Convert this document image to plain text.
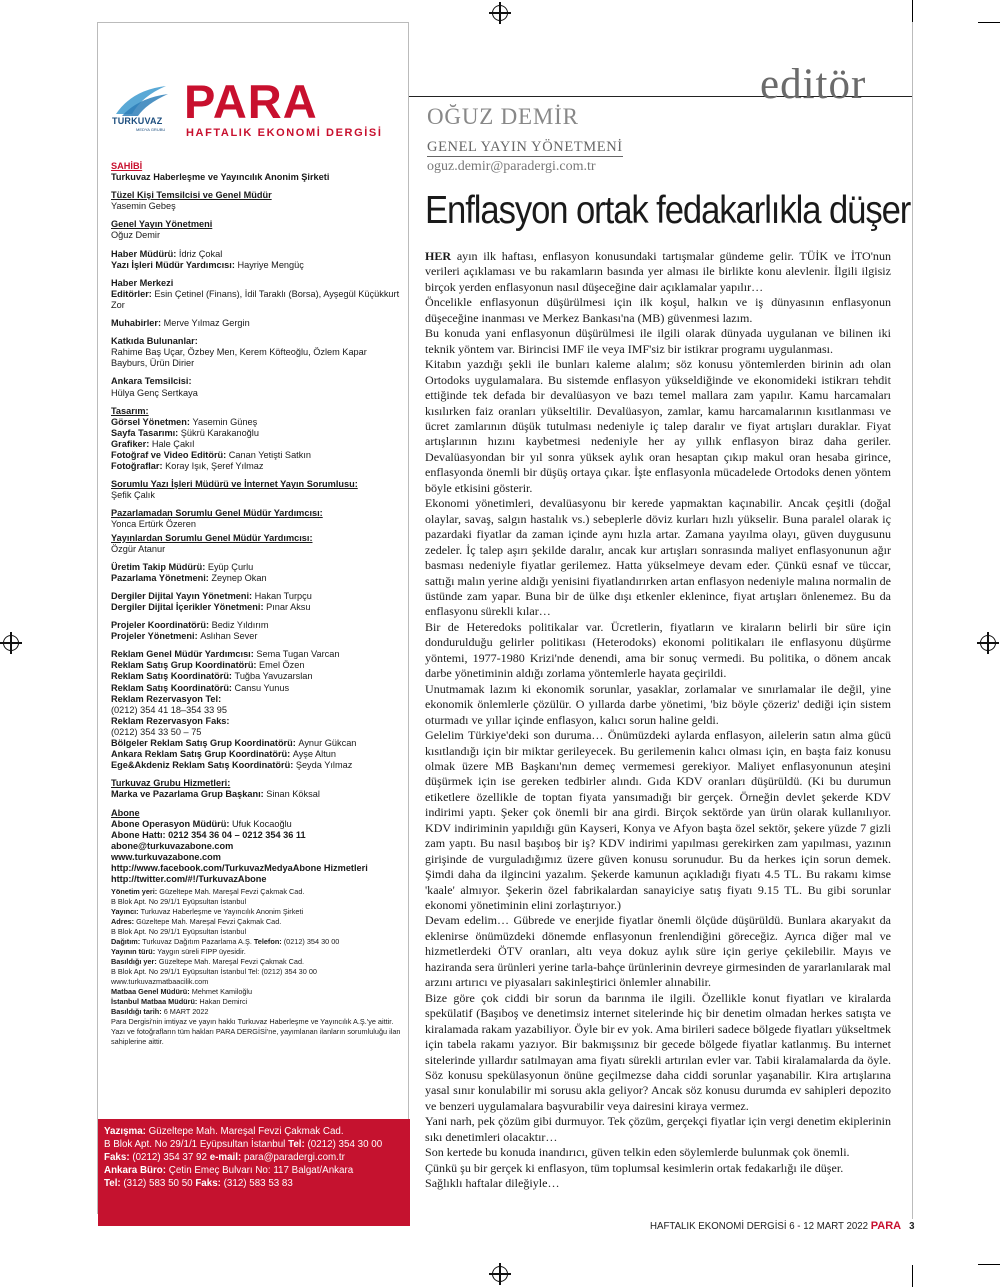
TURKUVAZ
MEDYA GRUBU
PARA
HAFTALIK EKONOMİ DERGİSİ
SAHİBİ
Turkuvaz Haberleşme ve Yayıncılık Anonim Şirketi
Tüzel Kişi Temsilcisi ve Genel Müdür
Yasemin Gebeş
Genel Yayın Yönetmeni
Oğuz Demir
Haber Müdürü: İdriz Çokal
Yazı İşleri Müdür Yardımcısı: Hayriye Mengüç
Haber Merkezi
Editörler: Esin Çetinel (Finans), İdil Taraklı (Borsa), Ayşegül Küçükkurt Zor
Muhabirler: Merve Yılmaz Gergin
Katkıda Bulunanlar:
Rahime Baş Uçar, Özbey Men, Kerem Köfteoğlu, Özlem Kapar Bayburs, Ürün Dirier
Ankara Temsilcisi:
Hülya Genç Sertkaya
Tasarım:
Görsel Yönetmen: Yasemin Güneş
Sayfa Tasarımı: Şükrü Karakanoğlu
Grafiker: Hale Çakıl
Fotoğraf ve Video Editörü: Canan Yetişti Satkın
Fotoğraflar: Koray Işık, Şeref Yılmaz
Sorumlu Yazı İşleri Müdürü ve İnternet Yayın Sorumlusu:
Şefik Çalık
Pazarlamadan Sorumlu Genel Müdür Yardımcısı:
Yonca Ertürk Özeren
Yayınlardan Sorumlu Genel Müdür Yardımcısı:
Özgür Atanur
Üretim Takip Müdürü: Eyüp Çurlu
Pazarlama Yönetmeni: Zeynep Okan
Dergiler Dijital Yayın Yönetmeni: Hakan Turpçu
Dergiler Dijital İçerikler Yönetmeni: Pınar Aksu
Projeler Koordinatörü: Bediz Yıldırım
Projeler Yönetmeni: Aslıhan Sever
Reklam Genel Müdür Yardımcısı: Sema Tugan Varcan
Reklam Satış Grup Koordinatörü: Emel Özen
Reklam Satış Koordinatörü: Tuğba Yavuzarslan
Reklam Satış Koordinatörü: Cansu Yunus
Reklam Rezervasyon Tel:
(0212) 354 41 18–354 33 95
Reklam Rezervasyon Faks:
(0212) 354 33 50 – 75
Bölgeler Reklam Satış Grup Koordinatörü: Aynur Gükcan
Ankara Reklam Satış Grup Koordinatörü: Ayşe Altun
Ege&Akdeniz Reklam Satış Koordinatörü: Şeyda Yılmaz
Turkuvaz Grubu Hizmetleri:
Marka ve Pazarlama Grup Başkanı: Sinan Köksal
Abone
Abone Operasyon Müdürü: Ufuk Kocaoğlu
Abone Hattı: 0212 354 36 04 – 0212 354 36 11
abone@turkuvazabone.com
www.turkuvazabone.com
http://www.facebook.com/TurkuvazMedyaAbone Hizmetleri
http://twitter.com/#!/TurkuvazAbone
Yönetim yeri: Güzeltepe Mah. Mareşal Fevzi Çakmak Cad.
B Blok Apt. No 29/1/1 Eyüpsultan İstanbul
Yayıncı: Turkuvaz Haberleşme ve Yayıncılık Anonim Şirketi
Adres: Güzeltepe Mah. Mareşal Fevzi Çakmak Cad.
B Blok Apt. No 29/1/1 Eyüpsultan İstanbul
Dağıtım: Turkuvaz Dağıtım Pazarlama A.Ş. Telefon: (0212) 354 30 00
Yayının türü: Yaygın süreli FIPP üyesidir.
Basıldığı yer: Güzeltepe Mah. Mareşal Fevzi Çakmak Cad.
B Blok Apt. No 29/1/1 Eyüpsultan İstanbul Tel: (0212) 354 30 00
www.turkuvazmatbaacilik.com
Matbaa Genel Müdürü: Mehmet Kamiloğlu
İstanbul Matbaa Müdürü: Hakan Demirci
Basıldığı tarih: 6 MART 2022
Para Dergisi'nin imtiyaz ve yayın hakkı Turkuvaz Haberleşme ve Yayıncılık A.Ş.'ye aittir. Yazı ve fotoğrafların tüm hakları PARA DERGİSİ'ne, yayımlanan ilanların sorumluluğu ilan sahiplerine aittir.
Yazışma: Güzeltepe Mah. Mareşal Fevzi Çakmak Cad.
B Blok Apt. No 29/1/1 Eyüpsultan İstanbul Tel: (0212) 354 30 00
Faks: (0212) 354 37 92 e-mail: para@paradergi.com.tr
Ankara Büro: Çetin Emeç Bulvarı No: 117 Balgat/Ankara
Tel: (312) 583 50 50 Faks: (312) 583 53 83
editör
OĞUZ DEMİR
GENEL YAYIN YÖNETMENİ
oguz.demir@paradergi.com.tr
Enflasyon ortak fedakarlıkla düşer

HER ayın ilk haftası, enflasyon konusundaki tartışmalar gündeme gelir. TÜİK ve İTO'nun verileri açıklaması ve bu rakamların basında yer alması ile birlikte konu alevlenir. İlgili ilgisiz birçok yerden enflasyonun nasıl düşeceğine dair açıklamalar yapılır…

Öncelikle enflasyonun düşürülmesi için ilk koşul, halkın ve iş dünyasının enflasyonun düşeceğine inanması ve Merkez Bankası'na (MB) güvenmesi lazım.

Bu konuda yani enflasyonun düşürülmesi ile ilgili olarak dünyada uygulanan ve bilinen iki teknik yöntem var. Birincisi IMF ile veya IMF'siz bir istikrar programı uygulanması.

Kitabın yazdığı şekli ile bunları kaleme alalım; söz konusu yöntemlerden birinin adı olan Ortodoks uygulamalara. Bu sistemde enflasyon yükseldiğinde ve ekonomideki istikrarı tehdit ettiğinde tek defada bir devalüasyon ve bazı temel mallara zam yapılır. Kamu harcamaları kısılırken faiz oranları yükseltilir. Devalüasyon, zamlar, kamu harcamalarının kısıtlanması ve ücret zamlarının düşük tutulması nedeniyle iç talep daralır ve fiyat artışları duraklar. Fiyat artışlarının hızını kaybetmesi nedeniyle her ay yıllık enflasyon biraz daha geriler. Devalüasyondan bir yıl sonra yüksek aylık oran hesaptan çıkıp makul oran hesaba girince, enflasyonda önemli bir düşüş ortaya çıkar. İşte enflasyonla mücadelede Ortodoks denen yöntem böyle etkisini gösterir.

Ekonomi yönetimleri, devalüasyonu bir kerede yapmaktan kaçınabilir. Ancak çeşitli (doğal olaylar, savaş, salgın hastalık vs.) sebeplerle döviz kurları hızlı yükselir. Buna paralel olarak iç pazardaki fiyatlar da zaman içinde aynı hızla artar. Zamana yayılma olayı, güven duygusunu zedeler. İç talep aşırı şekilde daralır, ancak kur artışları sonrasında maliyet enflasyonunun ağır basması nedeniyle fiyatlar gerilemez. Hatta yükselmeye devam eder. Çünkü esnaf ve tüccar, sattığı malın yerine aldığı yenisini fiyatlandırırken artan enflasyon nedeniyle malına normalin de üstünde zam yapar. Buna bir de ülke dışı etkenler eklenince, fiyat artışları önlenemez. Bu da enflasyonu sürekli kılar…

Bir de Heteredoks politikalar var. Ücretlerin, fiyatların ve kiraların belirli bir süre için dondurulduğu gelirler politikası (Heterodoks) ekonomi politikaları ile enflasyonu düşürme yöntemi, 1977-1980 Krizi'nde denendi, ama bir sonuç vermedi. Bu politika, o dönem ancak darbe yönetiminin aldığı zorlama yöntemlerle hayata geçirildi.

Unutmamak lazım ki ekonomik sorunlar, yasaklar, zorlamalar ve sınırlamalar ile değil, yine ekonomik önlemlerle çözülür. O yıllarda darbe yönetimi, 'biz böyle çözeriz' dediği için sistem oturmadı ve yıllar içinde enflasyon, kalıcı sorun haline geldi.

Gelelim Türkiye'deki son duruma… Önümüzdeki aylarda enflasyon, ailelerin satın alma gücü kısıtlandığı için bir miktar gerileyecek. Bu gerilemenin kalıcı olması için, en başta faiz konusu olmak üzere MB Başkanı'nın demeç vermemesi gerekiyor. Maliyet enflasyonunun ateşini düşürmek için ise gereken tedbirler alındı. Gıda KDV oranları düşürüldü. (Ki bu durumun etiketlere özellikle de toptan fiyata yansımadığı bir gerçek. Örneğin devlet şekerde KDV indirimi yaptı. Şeker çok önemli bir ana girdi. Birçok sektörde yan ürün olarak kullanılıyor. KDV indiriminin yapıldığı gün Kayseri, Konya ve Afyon başta özel sektör, şekere yüzde 7 gizli zam yaptı. Bu nasıl başıboş bir iş? KDV indirimi yapılması gerekirken zam yapılması, yazının girişinde de vurguladığımız üzere güven konusu sorunudur. Bu da herkes için sorun demek. Şimdi daha da ilgincini yazalım. Şekerde kamunun açıkladığı fiyatı 4.5 TL. Bu rakamı kimse 'kaale' almıyor. Şekerin özel fabrikalardan sanayiciye satış fiyatı 9.15 TL. Bu gibi sorunlar ekonomi yönetiminin elini zorlaştırıyor.)

Devam edelim… Gübrede ve enerjide fiyatlar önemli ölçüde düşürüldü. Bunlara akaryakıt da eklenirse önümüzdeki dönemde enflasyonun frenlendiğini göreceğiz. Ayrıca diğer mal ve hizmetlerdeki ÖTV oranları, altı veya dokuz aylık süre için geriye çekilebilir. Mayıs ve haziranda sera ürünleri yerine tarla-bahçe ürünlerinin devreye girmesinden de yararlanılarak mal arzını artırıcı ve piyasaları sakinleştirici önlemler alınabilir.

Bize göre çok ciddi bir sorun da barınma ile ilgili. Özellikle konut fiyatları ve kiralarda spekülatif (Başıboş ve denetimsiz internet sitelerinde hiç bir denetim olmadan herkes satışta ve kiralamada rakam yazabiliyor. Öyle bir ev yok. Ama birileri sadece bölgede fiyatları yükseltmek için tabela rakamı yazıyor. Bir bakmışsınız bir gecede bölgede fiyatlar katlanmış. Bu internet sitelerinde yıllardır satılmayan ama fiyatı sürekli artırılan evler var. Tabii kiralamalarda da öyle. Söz konusu spekülasyonun önüne geçilmezse daha ciddi sorunlar yaşanabilir. Kira artışlarına yasal sınır konulabilir mi sorusu akla geliyor? Ancak söz konusu durumda ev sahipleri depozito ve benzeri uygulamalara başvurabilir veya dairesini kiraya vermez.

Yani narh, pek çözüm gibi durmuyor. Tek çözüm, gerçekçi fiyatlar için vergi denetim ekiplerinin sıkı denetimleri olacaktır…

Son kertede bu konuda inandırıcı, güven telkin eden söylemlerde bulunmak çok önemli.

Çünkü şu bir gerçek ki enflasyon, tüm toplumsal kesimlerin ortak fedakarlığı ile düşer.

Sağlıklı haftalar dileğiyle…

HAFTALIK EKONOMİ DERGİSİ 6 - 12 MART 2022 PARA 3
